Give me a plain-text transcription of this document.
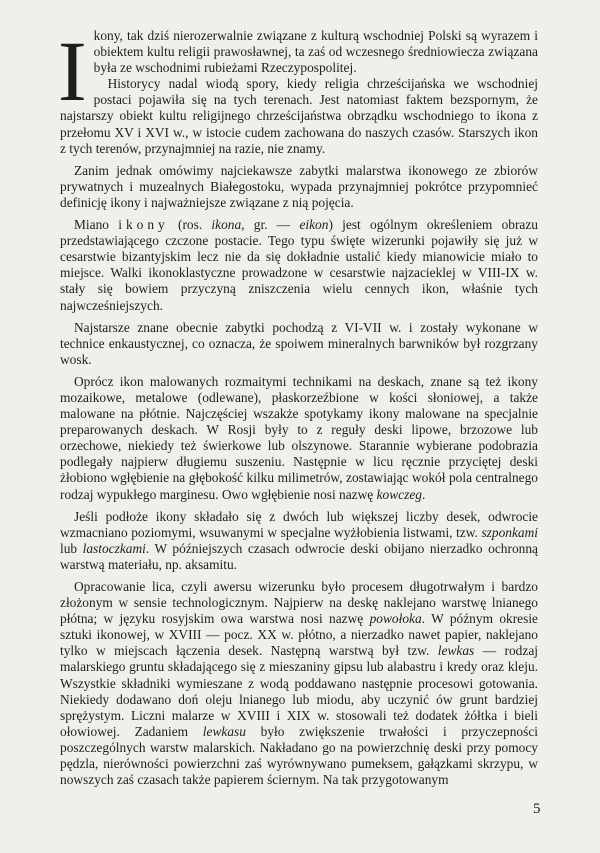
Ikony, tak dziś nierozerwalnie związane z kulturą wschodniej Polski są wyrazem i obiektem kultu religii prawosławnej, ta zaś od wczesnego średniowiecza związana była ze wschodnimi rubieżami Rzeczypospolitej.

Historycy nadal wiodą spory, kiedy religia chrześcijańska we wschodniej postaci pojawiła się na tych terenach. Jest natomiast faktem bezspornym, że najstarszy obiekt kultu religijnego chrześcijaństwa obrządku wschodniego to ikona z przełomu XV i XVI w., w istocie cudem zachowana do naszych czasów. Starszych ikon z tych terenów, przynajmniej na razie, nie znamy.

Zanim jednak omówimy najciekawsze zabytki malarstwa ikonowego ze zbiorów prywatnych i muzealnych Białegostoku, wypada przynajmniej pokrótce przypomnieć definicję ikony i najważniejsze związane z nią pojęcia.

Miano ikony (ros. ikona, gr. — eikon) jest ogólnym określeniem obrazu przedstawiającego czczone postacie. Tego typu święte wizerunki pojawiły się już w cesarstwie bizantyjskim lecz nie da się dokładnie ustalić kiedy mianowicie miało to miejsce. Walki ikonoklastyczne prowadzone w cesarstwie najzacieklej w VIII-IX w. stały się bowiem przyczyną zniszczenia wielu cennych ikon, właśnie tych najwcześniejszych.

Najstarsze znane obecnie zabytki pochodzą z VI-VII w. i zostały wykonane w technice enkaustycznej, co oznacza, że spoiwem mineralnych barwników był rozgrzany wosk.

Oprócz ikon malowanych rozmaitymi technikami na deskach, znane są też ikony mozaikowe, metalowe (odlewane), płaskorzeźbione w kości słoniowej, a także malowane na płótnie. Najczęściej wszakże spotykamy ikony malowane na specjalnie preparowanych deskach. W Rosji były to z reguły deski lipowe, brzozowe lub orzechowe, niekiedy też świerkowe lub olszynowe. Starannie wybierane podobrazia podlegały najpierw długiemu suszeniu. Następnie w licu ręcznie przyciętej deski żłobiono wgłębienie na głębokość kilku milimetrów, zostawiając wokół pola centralnego rodzaj wypukłego marginesu. Owo wgłębienie nosi nazwę kowczeg.

Jeśli podłoże ikony składało się z dwóch lub większej liczby desek, odwrocie wzmacniano poziomymi, wsuwanymi w specjalne wyżłobienia listwami, tzw. szponkami lub lastoczkami. W późniejszych czasach odwrocie deski obijano nierzadko ochronną warstwą materiału, np. aksamitu.

Opracowanie lica, czyli awersu wizerunku było procesem długotrwałym i bardzo złożonym w sensie technologicznym. Najpierw na deskę naklejano warstwę lnianego płótna; w języku rosyjskim owa warstwa nosi nazwę powołoka. W późnym okresie sztuki ikonowej, w XVIII — pocz. XX w. płótno, a nierzadko nawet papier, naklejano tylko w miejscach łączenia desek. Następną warstwą był tzw. lewkas — rodzaj malarskiego gruntu składającego się z mieszaniny gipsu lub alabastru i kredy oraz kleju. Wszystkie składniki wymieszane z wodą poddawano następnie procesowi gotowania. Niekiedy dodawano doń oleju lnianego lub miodu, aby uczynić ów grunt bardziej sprężystym. Liczni malarze w XVIII i XIX w. stosowali też dodatek żółtka i bieli ołowiowej. Zadaniem lewkasu było zwiększenie trwałości i przyczepności poszczególnych warstw malarskich. Nakładano go na powierzchnię deski przy pomocy pędzla, nierówności powierzchni zaś wyrównywano pumeksem, gałązkami skrzypu, w nowszych zaś czasach także papierem ściernym. Na tak przygotowanym

5
